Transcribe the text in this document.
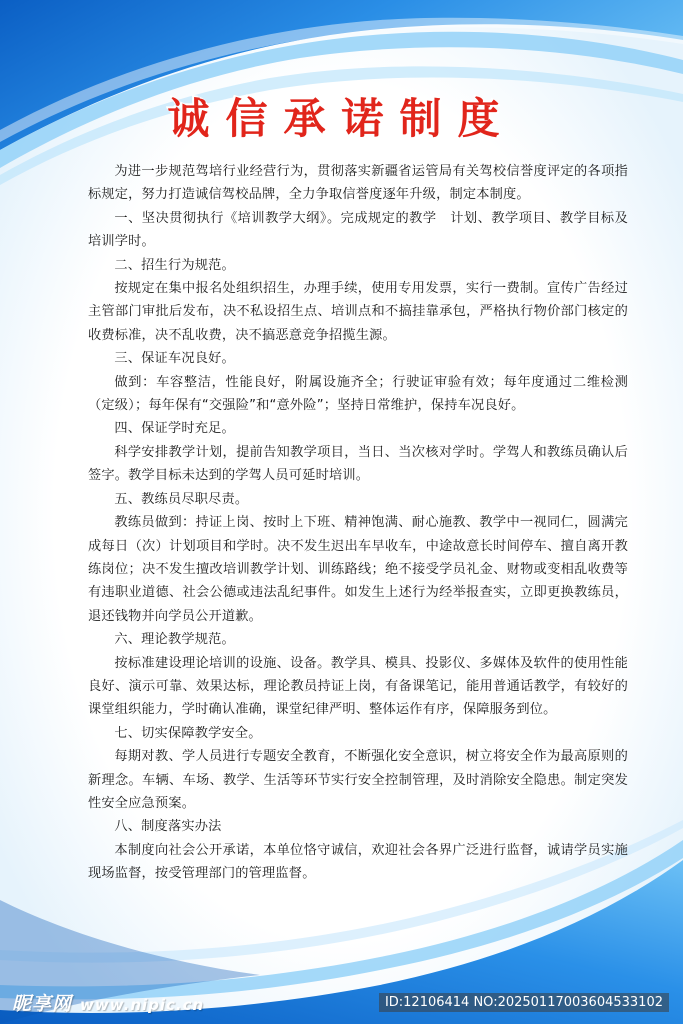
诚信承诺制度

为进一步规范驾培行业经营行为，贯彻落实新疆省运管局有关驾校信誉度评定的各项指标规定，努力打造诚信驾校品牌，全力争取信誉度逐年升级，制定本制度。

一、坚决贯彻执行《培训教学大纲》。完成规定的教学　计划、教学项目、教学目标及培训学时。

二、招生行为规范。

按规定在集中报名处组织招生，办理手续，使用专用发票，实行一费制。宣传广告经过主管部门审批后发布，决不私设招生点、培训点和不搞挂靠承包，严格执行物价部门核定的收费标准，决不乱收费，决不搞恶意竞争招揽生源。

三、保证车况良好。

做到：车容整洁，性能良好，附属设施齐全；行驶证审验有效；每年度通过二维检测（定级）；每年保有“交强险”和“意外险”；坚持日常维护，保持车况良好。

四、保证学时充足。

科学安排教学计划，提前告知教学项目，当日、当次核对学时。学驾人和教练员确认后签字。教学目标未达到的学驾人员可延时培训。

五、教练员尽职尽责。

教练员做到：持证上岗、按时上下班、精神饱满、耐心施教、教学中一视同仁，圆满完成每日（次）计划项目和学时。决不发生迟出车早收车，中途故意长时间停车、擅自离开教练岗位；决不发生擅改培训教学计划、训练路线；绝不接受学员礼金、财物或变相乱收费等有违职业道德、社会公德或违法乱纪事件。如发生上述行为经举报查实，立即更换教练员，退还钱物并向学员公开道歉。

六、理论教学规范。

按标准建设理论培训的设施、设备。教学具、模具、投影仪、多媒体及软件的使用性能良好、演示可靠、效果达标，理论教员持证上岗，有备课笔记，能用普通话教学，有较好的课堂组织能力，学时确认准确，课堂纪律严明、整体运作有序，保障服务到位。

七、切实保障教学安全。

每期对教、学人员进行专题安全教育，不断强化安全意识，树立将安全作为最高原则的新理念。车辆、车场、教学、生活等环节实行安全控制管理，及时消除安全隐患。制定突发性安全应急预案。

八、制度落实办法

本制度向社会公开承诺，本单位恪守诚信，欢迎社会各界广泛进行监督，诚请学员实施现场监督，按受管理部门的管理监督。

昵享网 www.nipic.cn	ID:12106414 NO:20250117003604533102
